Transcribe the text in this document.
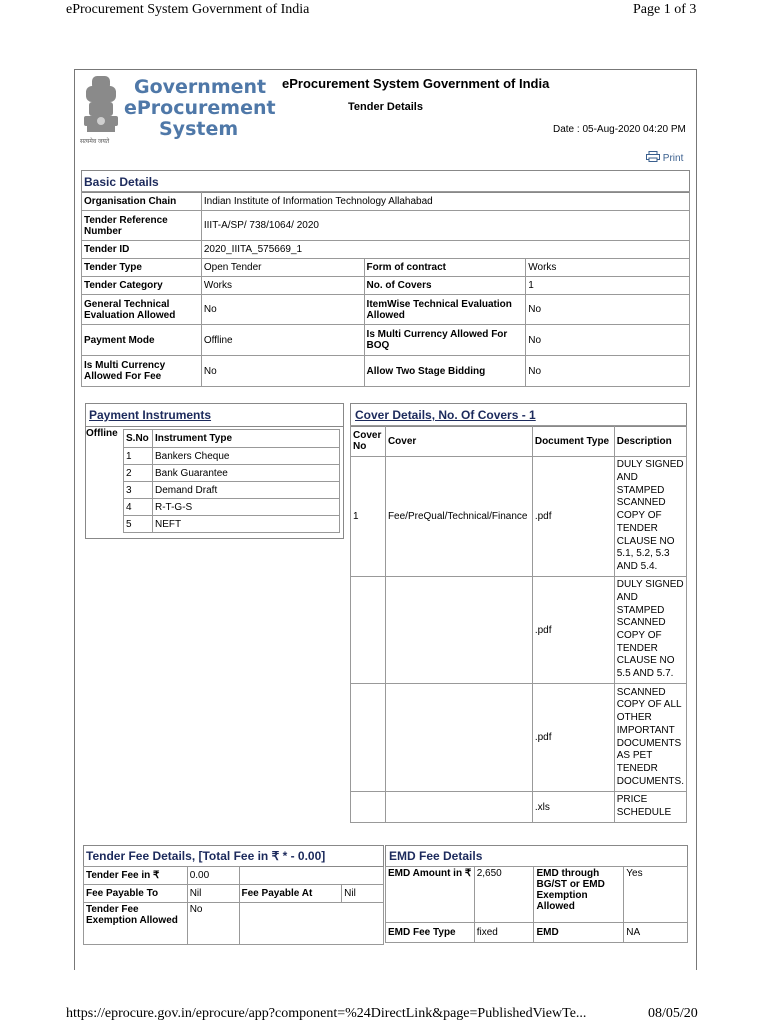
eProcurement System Government of India	Page 1 of 3
सत्यमेव जयते
Government
eProcurement
System
eProcurement System Government of India
Tender Details
Date : 05-Aug-2020 04:20 PM
Print
Basic Details
Organisation Chain	Indian Institute of Information Technology Allahabad		
Tender Reference Number	IIIT-A/SP/ 738/1064/ 2020		
Tender ID	2020_IIITA_575669_1		
Tender Type	Open Tender	Form of contract	Works
Tender Category	Works	No. of Covers	1
General Technical Evaluation Allowed	No	ItemWise Technical Evaluation Allowed	No
Payment Mode	Offline	Is Multi Currency Allowed For BOQ	No
Is Multi Currency Allowed For Fee	No	Allow Two Stage Bidding	No
Payment Instruments
Offline S.No	Instrument Type
1	Bankers Cheque
2	Bank Guarantee
3	Demand Draft
4	R-T-G-S
5	NEFT
Cover Details, No. Of Covers - 1
Cover No	Cover	Document Type	Description
1	Fee/PreQual/Technical/Finance	.pdf	DULY SIGNED AND STAMPED SCANNED COPY OF TENDER CLAUSE NO 5.1, 5.2, 5.3 AND 5.4.
		.pdf	DULY SIGNED AND STAMPED SCANNED COPY OF TENDER CLAUSE NO 5.5 AND 5.7.
		.pdf	SCANNED COPY OF ALL OTHER IMPORTANT DOCUMENTS AS PET TENEDR DOCUMENTS.
		.xls	PRICE SCHEDULE
Tender Fee Details, [Total Fee in ₹ * - 0.00]
Tender Fee in ₹	0.00		
Fee Payable To	Nil	Fee Payable At	Nil
Tender Fee Exemption Allowed	No		
EMD Fee Details
EMD Amount in ₹	2,650	EMD through BG/ST or EMD Exemption Allowed	Yes
EMD Fee Type	fixed	EMD	NA
https://eprocure.gov.in/eprocure/app?component=%24DirectLink&page=PublishedViewTe...	08/05/20
